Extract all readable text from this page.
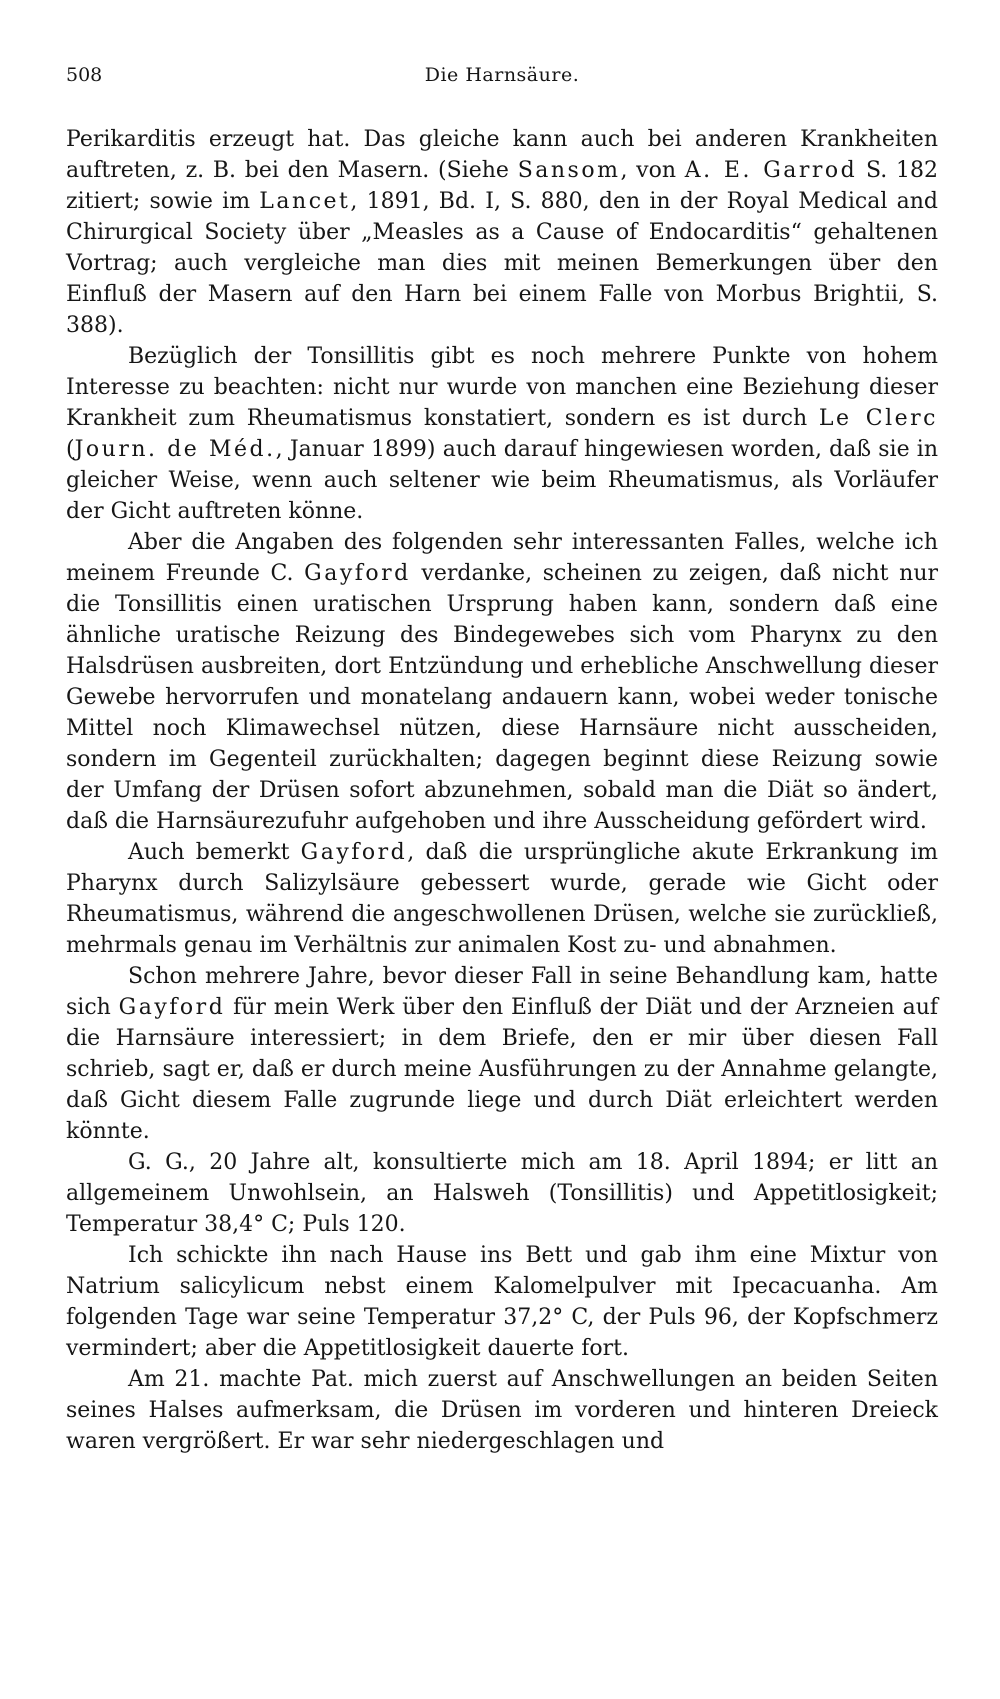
508	Die Harnsäure.

Perikarditis erzeugt hat. Das gleiche kann auch bei anderen Krankheiten auftreten, z. B. bei den Masern. (Siehe Sansom, von A. E. Garrod S. 182 zitiert; sowie im Lancet, 1891, Bd. I, S. 880, den in der Royal Medical and Chirurgical Society über „Measles as a Cause of Endocarditis“ gehaltenen Vortrag; auch vergleiche man dies mit meinen Bemerkungen über den Einfluß der Masern auf den Harn bei einem Falle von Morbus Brightii, S. 388).

Bezüglich der Tonsillitis gibt es noch mehrere Punkte von hohem Interesse zu beachten: nicht nur wurde von manchen eine Beziehung dieser Krankheit zum Rheumatismus konstatiert, sondern es ist durch Le Clerc (Journ. de Méd., Januar 1899) auch darauf hingewiesen worden, daß sie in gleicher Weise, wenn auch seltener wie beim Rheumatismus, als Vorläufer der Gicht auftreten könne.

Aber die Angaben des folgenden sehr interessanten Falles, welche ich meinem Freunde C. Gayford verdanke, scheinen zu zeigen, daß nicht nur die Tonsillitis einen uratischen Ursprung haben kann, sondern daß eine ähnliche uratische Reizung des Bindegewebes sich vom Pharynx zu den Halsdrüsen ausbreiten, dort Entzündung und erhebliche Anschwellung dieser Gewebe hervorrufen und monatelang andauern kann, wobei weder tonische Mittel noch Klimawechsel nützen, diese Harnsäure nicht ausscheiden, sondern im Gegenteil zurückhalten; dagegen beginnt diese Reizung sowie der Umfang der Drüsen sofort abzunehmen, sobald man die Diät so ändert, daß die Harnsäurezufuhr aufgehoben und ihre Ausscheidung gefördert wird.

Auch bemerkt Gayford, daß die ursprüngliche akute Erkrankung im Pharynx durch Salizylsäure gebessert wurde, gerade wie Gicht oder Rheumatismus, während die angeschwollenen Drüsen, welche sie zurückließ, mehrmals genau im Verhältnis zur animalen Kost zu- und abnahmen.

Schon mehrere Jahre, bevor dieser Fall in seine Behandlung kam, hatte sich Gayford für mein Werk über den Einfluß der Diät und der Arzneien auf die Harnsäure interessiert; in dem Briefe, den er mir über diesen Fall schrieb, sagt er, daß er durch meine Ausführungen zu der Annahme gelangte, daß Gicht diesem Falle zugrunde liege und durch Diät erleichtert werden könnte.

G. G., 20 Jahre alt, konsultierte mich am 18. April 1894; er litt an allgemeinem Unwohlsein, an Halsweh (Tonsillitis) und Appetitlosigkeit; Temperatur 38,4° C; Puls 120.

Ich schickte ihn nach Hause ins Bett und gab ihm eine Mixtur von Natrium salicylicum nebst einem Kalomelpulver mit Ipecacuanha. Am folgenden Tage war seine Temperatur 37,2° C, der Puls 96, der Kopfschmerz vermindert; aber die Appetitlosigkeit dauerte fort.

Am 21. machte Pat. mich zuerst auf Anschwellungen an beiden Seiten seines Halses aufmerksam, die Drüsen im vorderen und hinteren Dreieck waren vergrößert. Er war sehr niedergeschlagen und
